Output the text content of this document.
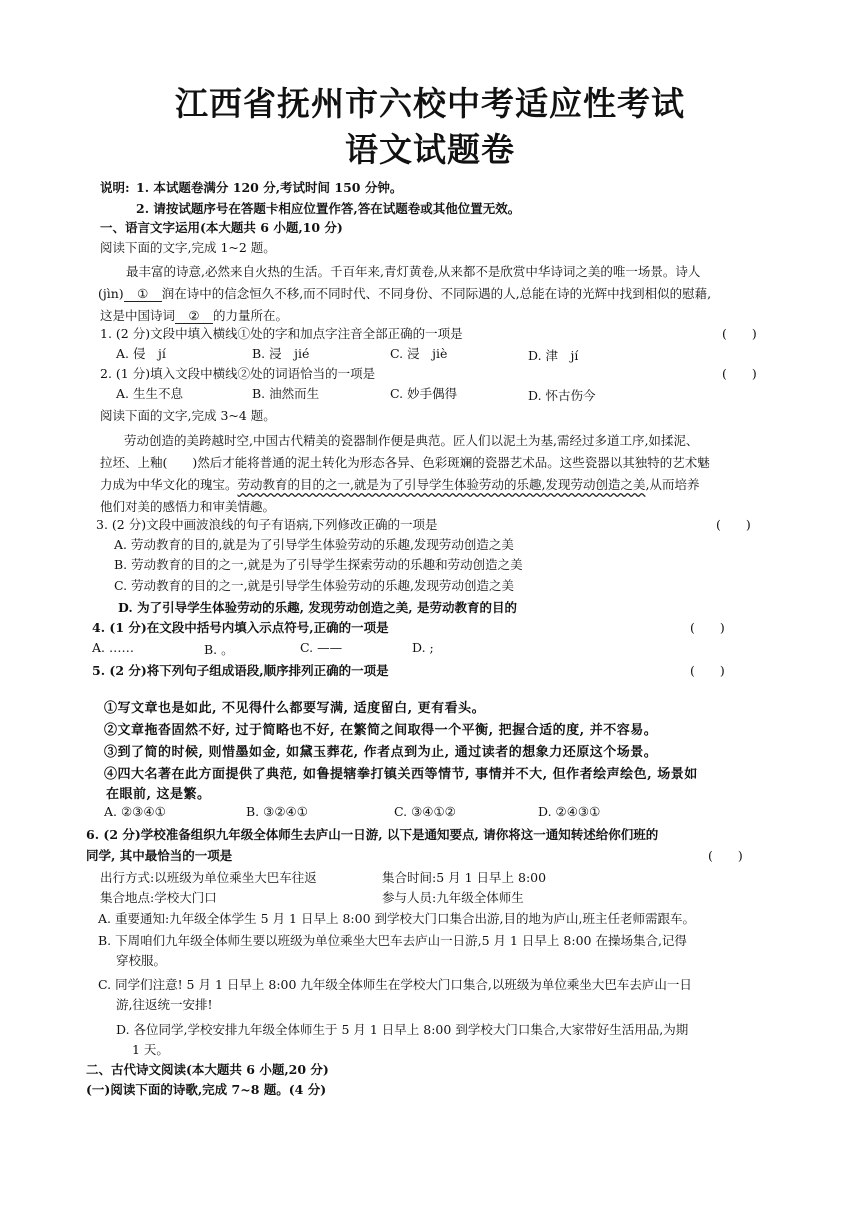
江西省抚州市六校中考适应性考试
语文试题卷
说明: 1. 本试题卷满分 120 分,考试时间 150 分钟。
2. 请按试题序号在答题卡相应位置作答,答在试题卷或其他位置无效。
一、语言文字运用(本大题共 6 小题,10 分)
阅读下面的文字,完成 1~2 题。
最丰富的诗意,必然来自火热的生活。千百年来,青灯黄卷,从来都不是欣赏中华诗词之美的唯一场景。诗人
(jìn) ① 润在诗中的信念恒久不移,而不同时代、不同身份、不同际遇的人,总能在诗的光辉中找到相似的慰藉,
这是中国诗词 ② 的力量所在。
1. (2 分)文段中填入横线①处的字和加点字注音全部正确的一项是	(　　)
A. 侵　jí	B. 浸　jié	C. 浸　jiè	D. 津　jí
2. (1 分)填入文段中横线②处的词语恰当的一项是	(　　)
A. 生生不息	B. 油然而生	C. 妙手偶得	D. 怀古伤今
阅读下面的文字,完成 3~4 题。
劳动创造的美跨越时空,中国古代精美的瓷器制作便是典范。匠人们以泥土为基,需经过多道工序,如揉泥、
拉坯、上釉(　　)然后才能将普通的泥土转化为形态各异、色彩斑斓的瓷器艺术品。这些瓷器以其独特的艺术魅
力成为中华文化的瑰宝。劳动教育的目的之一,就是为了引导学生体验劳动的乐趣,发现劳动创造之美,从而培养
他们对美的感悟力和审美情趣。
3. (2 分)文段中画波浪线的句子有语病,下列修改正确的一项是	(　　)
A. 劳动教育的目的,就是为了引导学生体验劳动的乐趣,发现劳动创造之美
B. 劳动教育的目的之一,就是为了引导学生探索劳动的乐趣和劳动创造之美
C. 劳动教育的目的之一,就是引导学生体验劳动的乐趣,发现劳动创造之美
D. 为了引导学生体验劳动的乐趣, 发现劳动创造之美, 是劳动教育的目的
4. (1 分)在文段中括号内填入示点符号,正确的一项是	(　　)
A. ……	B. 。	C. ——	D. ;
5. (2 分)将下列句子组成语段,顺序排列正确的一项是	(　　)
①写文章也是如此, 不见得什么都要写满, 适度留白, 更有看头。
②文章拖沓固然不好, 过于简略也不好, 在繁简之间取得一个平衡, 把握合适的度, 并不容易。
③到了简的时候, 则惜墨如金, 如黛玉葬花, 作者点到为止, 通过读者的想象力还原这个场景。
④四大名著在此方面提供了典范, 如鲁提辖拳打镇关西等情节, 事情并不大, 但作者绘声绘色, 场景如
在眼前, 这是繁。
A. ②③④①	B. ③②④①	C. ③④①②	D. ②④③①
6. (2 分)学校准备组织九年级全体师生去庐山一日游, 以下是通知要点, 请你将这一通知转述给你们班的
同学, 其中最恰当的一项是	(　　)
出行方式:以班级为单位乘坐大巴车往返	集合时间:5 月 1 日早上 8:00
集合地点:学校大门口	参与人员:九年级全体师生
A. 重要通知:九年级全体学生 5 月 1 日早上 8:00 到学校大门口集合出游,目的地为庐山,班主任老师需跟车。
B. 下周咱们九年级全体师生要以班级为单位乘坐大巴车去庐山一日游,5 月 1 日早上 8:00 在操场集合,记得
穿校服。
C. 同学们注意! 5 月 1 日早上 8:00 九年级全体师生在学校大门口集合,以班级为单位乘坐大巴车去庐山一日
游,往返统一安排!
D. 各位同学,学校安排九年级全体师生于 5 月 1 日早上 8:00 到学校大门口集合,大家带好生活用品,为期
1 天。
二、古代诗文阅读(本大题共 6 小题,20 分)
(一)阅读下面的诗歌,完成 7~8 题。(4 分)
